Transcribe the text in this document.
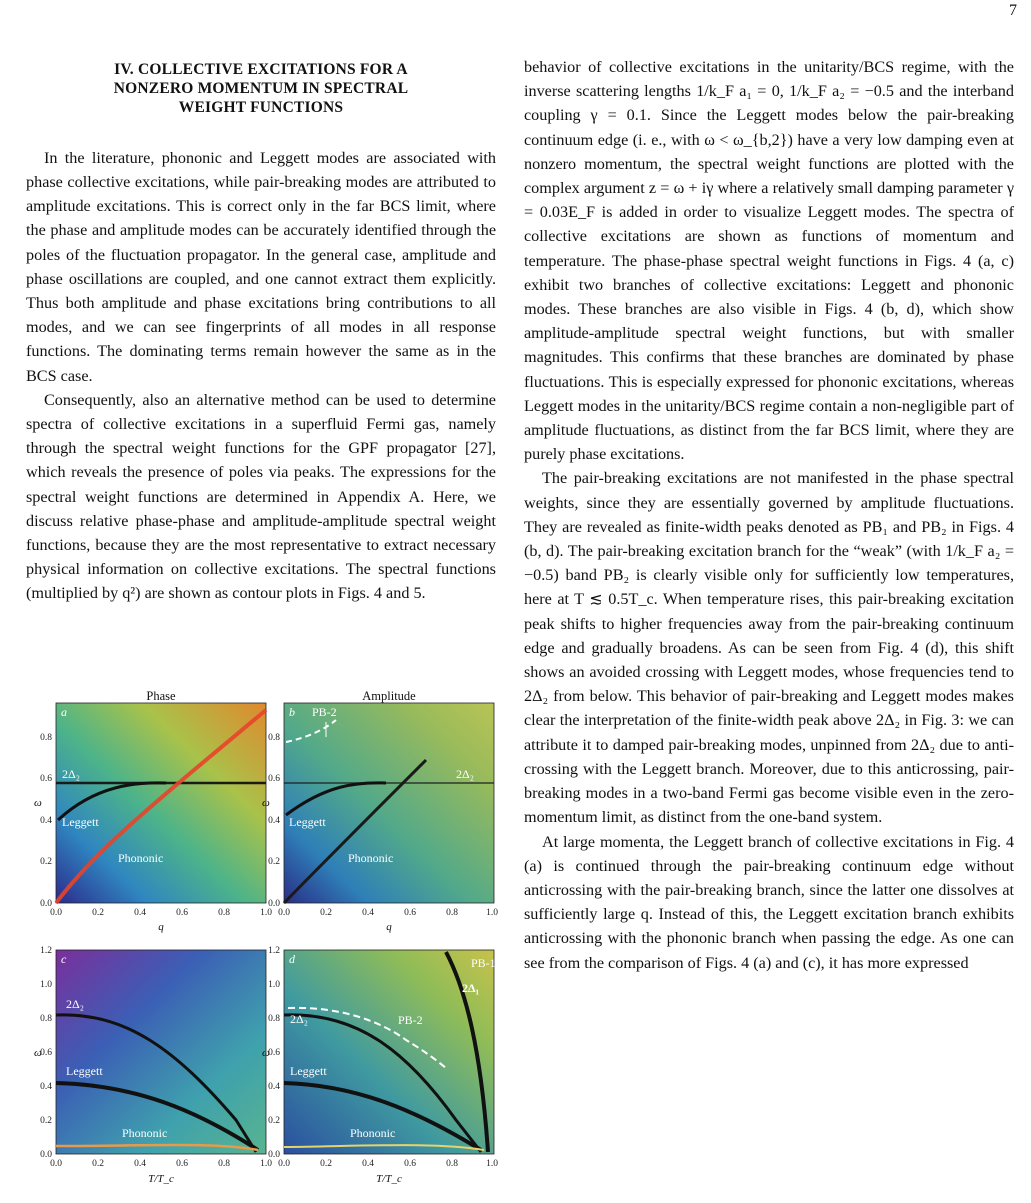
7
IV. COLLECTIVE EXCITATIONS FOR A
NONZERO MOMENTUM IN SPECTRAL
WEIGHT FUNCTIONS

In the literature, phononic and Leggett modes are associated with phase collective excitations, while pair-breaking modes are attributed to amplitude excitations. This is correct only in the far BCS limit, where the phase and amplitude modes can be accurately identified through the poles of the fluctuation propagator. In the general case, amplitude and phase oscillations are coupled, and one cannot extract them explicitly. Thus both amplitude and phase excitations bring contributions to all modes, and we can see fingerprints of all modes in all response functions. The dominating terms remain however the same as in the BCS case.

Consequently, also an alternative method can be used to determine spectra of collective excitations in a superfluid Fermi gas, namely through the spectral weight functions for the GPF propagator [27], which reveals the presence of poles via peaks. The expressions for the spectral weight functions are determined in Appendix A. Here, we discuss relative phase-phase and amplitude-amplitude spectral weight functions, because they are the most representative to extract necessary physical information on collective excitations. The spectral functions (multiplied by q²) are shown as contour plots in Figs. 4 and 5.

Phase	Amplitude
a
2Δ₂
Leggett
Phononic
0.0
0.2
0.4
0.6
0.8
ω
0.0	0.2	0.4	0.6	0.8	1.0
q
b PB-2
2Δ₂
Leggett
Phononic
0.0
0.2
0.4
0.6
0.8
ω
0.0	0.2	0.4	0.6	0.8	1.0
q
c
2Δ₂
Leggett
Phononic
0.0
0.2
0.4
0.6
0.8
1.0
1.2
ω
0.0	0.2	0.4	0.6	0.8	1.0
T/T_c
d	PB-1
2Δ₁
2Δ₂	PB-2
Leggett
Phononic
0.0
0.2
0.4
0.6
0.8
1.0
1.2
ω
0.0	0.2	0.4	0.6	0.8	1.0
T/T_c

behavior of collective excitations in the unitarity/BCS regime, with the inverse scattering lengths 1/k_F a₁ = 0, 1/k_F a₂ = −0.5 and the interband coupling γ = 0.1. Since the Leggett modes below the pair-breaking continuum edge (i. e., with ω < ω_{b,2}) have a very low damping even at nonzero momentum, the spectral weight functions are plotted with the complex argument z = ω + iγ where a relatively small damping parameter γ = 0.03E_F is added in order to visualize Leggett modes. The spectra of collective excitations are shown as functions of momentum and temperature. The phase-phase spectral weight functions in Figs. 4 (a, c) exhibit two branches of collective excitations: Leggett and phononic modes. These branches are also visible in Figs. 4 (b, d), which show amplitude-amplitude spectral weight functions, but with smaller magnitudes. This confirms that these branches are dominated by phase fluctuations. This is especially expressed for phononic excitations, whereas Leggett modes in the unitarity/BCS regime contain a non-negligible part of amplitude fluctuations, as distinct from the far BCS limit, where they are purely phase excitations.

The pair-breaking excitations are not manifested in the phase spectral weights, since they are essentially governed by amplitude fluctuations. They are revealed as finite-width peaks denoted as PB₁ and PB₂ in Figs. 4 (b, d). The pair-breaking excitation branch for the “weak” (with 1/k_F a₂ = −0.5) band PB₂ is clearly visible only for sufficiently low temperatures, here at T ≲ 0.5T_c. When temperature rises, this pair-breaking excitation peak shifts to higher frequencies away from the pair-breaking continuum edge and gradually broadens. As can be seen from Fig. 4 (d), this shift shows an avoided crossing with Leggett modes, whose frequencies tend to 2Δ₂ from below. This behavior of pair-breaking and Leggett modes makes clear the interpretation of the finite-width peak above 2Δ₂ in Fig. 3: we can attribute it to damped pair-breaking modes, unpinned from 2Δ₂ due to anti-crossing with the Leggett branch. Moreover, due to this anticrossing, pair-breaking modes in a two-band Fermi gas become visible even in the zero-momentum limit, as distinct from the one-band system.

At large momenta, the Leggett branch of collective excitations in Fig. 4 (a) is continued through the pair-breaking continuum edge without anticrossing with the pair-breaking branch, since the latter one dissolves at sufficiently large q. Instead of this, the Leggett excitation branch exhibits anticrossing with the phononic branch when passing the edge. As one can see from the comparison of Figs. 4 (a) and (c), it has more expressed
